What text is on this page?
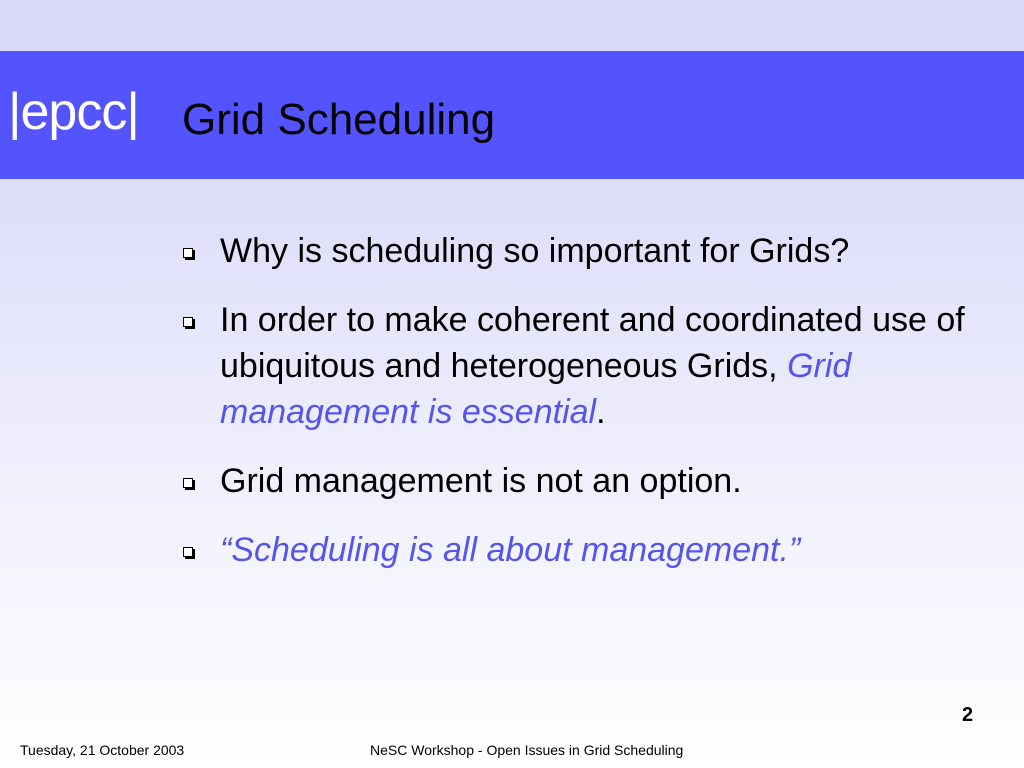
|epcc| Grid Scheduling
Why is scheduling so important for Grids?
In order to make coherent and coordinated use of ubiquitous and heterogeneous Grids, Grid management is essential.
Grid management is not an option.
“Scheduling is all about management.”
2
Tuesday, 21 October 2003	NeSC Workshop - Open Issues in Grid Scheduling
